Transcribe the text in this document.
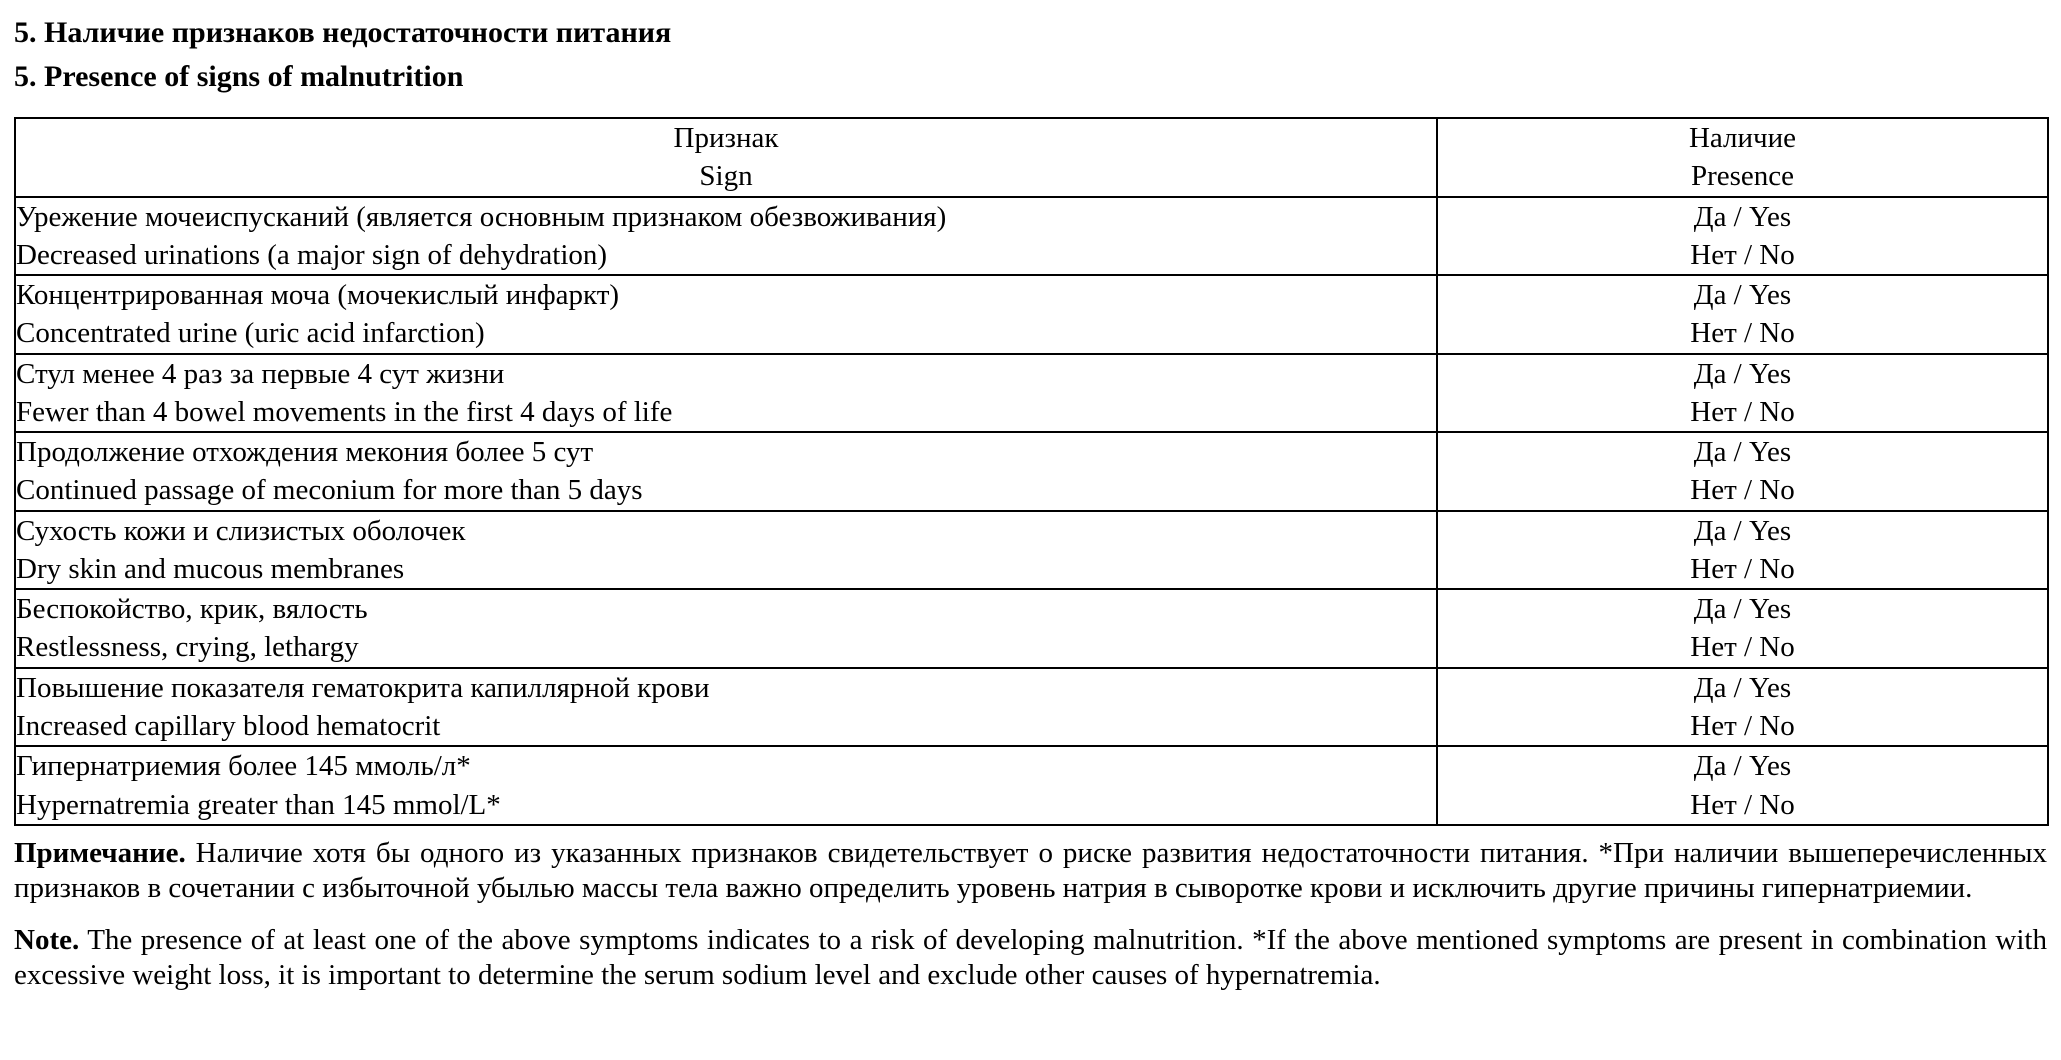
5. Наличие признаков недостаточности питания
5. Presence of signs of malnutrition
Признак
Sign	Наличие
Presence

Урежение мочеиспусканий (является основным признаком обезвоживания)
Decreased urinations (a major sign of dehydration)	Да / Yes
Нет / No

Концентрированная моча (мочекислый инфаркт)
Concentrated urine (uric acid infarction)	Да / Yes
Нет / No

Стул менее 4 раз за первые 4 сут жизни
Fewer than 4 bowel movements in the first 4 days of life	Да / Yes
Нет / No

Продолжение отхождения мекония более 5 сут
Continued passage of meconium for more than 5 days	Да / Yes
Нет / No

Сухость кожи и слизистых оболочек
Dry skin and mucous membranes	Да / Yes
Нет / No

Беспокойство, крик, вялость
Restlessness, crying, lethargy	Да / Yes
Нет / No

Повышение показателя гематокрита капиллярной крови
Increased capillary blood hematocrit	Да / Yes
Нет / No

Гипернатриемия более 145 ммоль/л*
Hypernatremia greater than 145 mmol/L*	Да / Yes
Нет / No

Примечание. Наличие хотя бы одного из указанных признаков свидетельствует о риске развития недостаточности питания. *При наличии вышеперечисленных признаков в сочетании с избыточной убылью массы тела важно определить уровень натрия в сыворотке крови и исключить другие причины гипернатриемии.

Note. The presence of at least one of the above symptoms indicates to a risk of developing malnutrition. *If the above mentioned symptoms are present in combination with excessive weight loss, it is important to determine the serum sodium level and exclude other causes of hypernatremia.
